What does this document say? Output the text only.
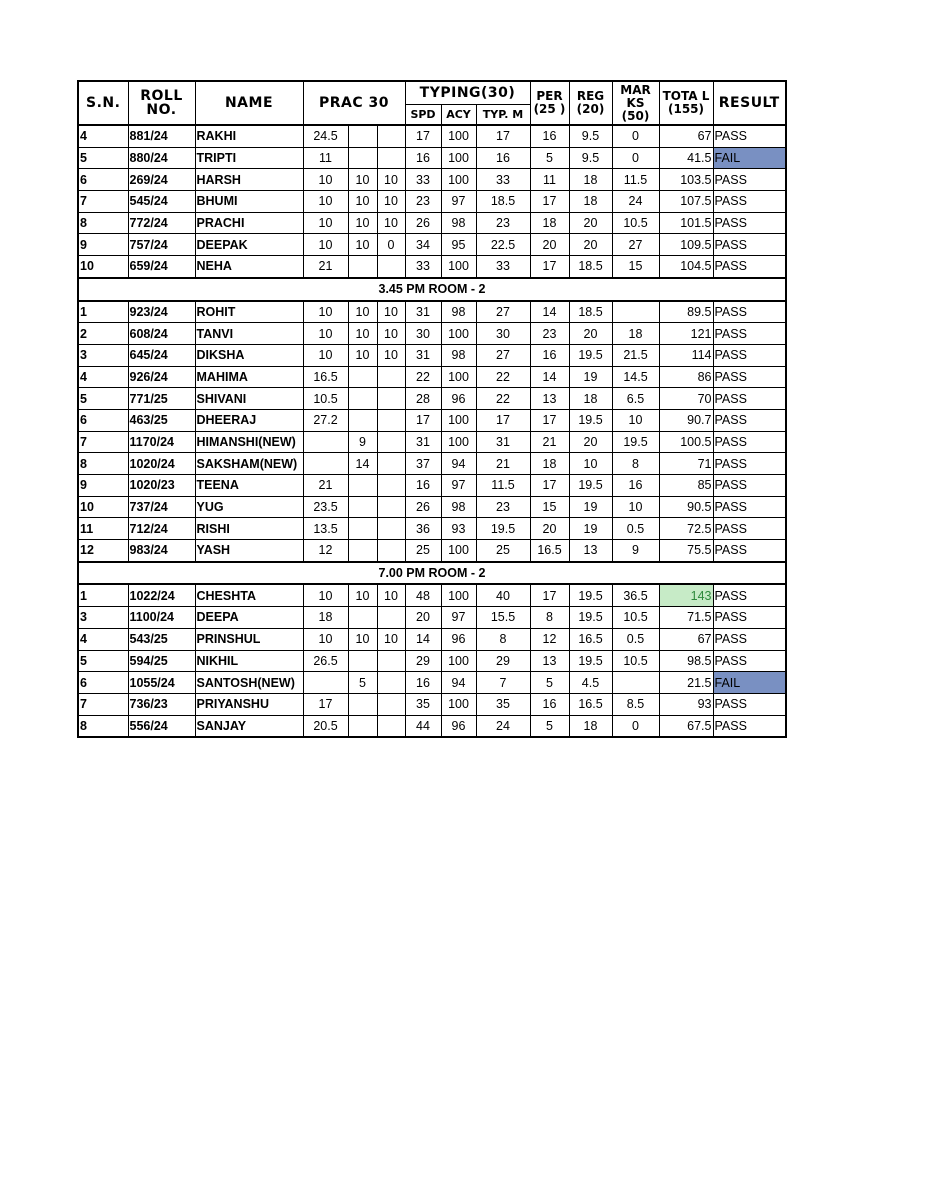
S.N.	ROLL NO.	NAME	PRAC 30			TYPING(30)			PER (25 )	REG (20)	MAR KS (50)	TOTA L (155)	RESULT
						SPD	ACY	TYP. M					
4	881/24	RAKHI	24.5			17	100	17	16	9.5	0	67	PASS
5	880/24	TRIPTI	11			16	100	16	5	9.5	0	41.5	FAIL
6	269/24	HARSH	10	10	10	33	100	33	11	18	11.5	103.5	PASS
7	545/24	BHUMI	10	10	10	23	97	18.5	17	18	24	107.5	PASS
8	772/24	PRACHI	10	10	10	26	98	23	18	20	10.5	101.5	PASS
9	757/24	DEEPAK	10	10	0	34	95	22.5	20	20	27	109.5	PASS
10	659/24	NEHA	21			33	100	33	17	18.5	15	104.5	PASS
3.45 PM ROOM - 2													
1	923/24	ROHIT	10	10	10	31	98	27	14	18.5		89.5	PASS
2	608/24	TANVI	10	10	10	30	100	30	23	20	18	121	PASS
3	645/24	DIKSHA	10	10	10	31	98	27	16	19.5	21.5	114	PASS
4	926/24	MAHIMA	16.5			22	100	22	14	19	14.5	86	PASS
5	771/25	SHIVANI	10.5			28	96	22	13	18	6.5	70	PASS
6	463/25	DHEERAJ	27.2			17	100	17	17	19.5	10	90.7	PASS
7	1170/24	HIMANSHI(NEW)		9		31	100	31	21	20	19.5	100.5	PASS
8	1020/24	SAKSHAM(NEW)		14		37	94	21	18	10	8	71	PASS
9	1020/23	TEENA	21			16	97	11.5	17	19.5	16	85	PASS
10	737/24	YUG	23.5			26	98	23	15	19	10	90.5	PASS
11	712/24	RISHI	13.5			36	93	19.5	20	19	0.5	72.5	PASS
12	983/24	YASH	12			25	100	25	16.5	13	9	75.5	PASS
7.00 PM ROOM - 2													
1	1022/24	CHESHTA	10	10	10	48	100	40	17	19.5	36.5	143	PASS
3	1100/24	DEEPA	18			20	97	15.5	8	19.5	10.5	71.5	PASS
4	543/25	PRINSHUL	10	10	10	14	96	8	12	16.5	0.5	67	PASS
5	594/25	NIKHIL	26.5			29	100	29	13	19.5	10.5	98.5	PASS
6	1055/24	SANTOSH(NEW)		5		16	94	7	5	4.5		21.5	FAIL
7	736/23	PRIYANSHU	17			35	100	35	16	16.5	8.5	93	PASS
8	556/24	SANJAY	20.5			44	96	24	5	18	0	67.5	PASS
